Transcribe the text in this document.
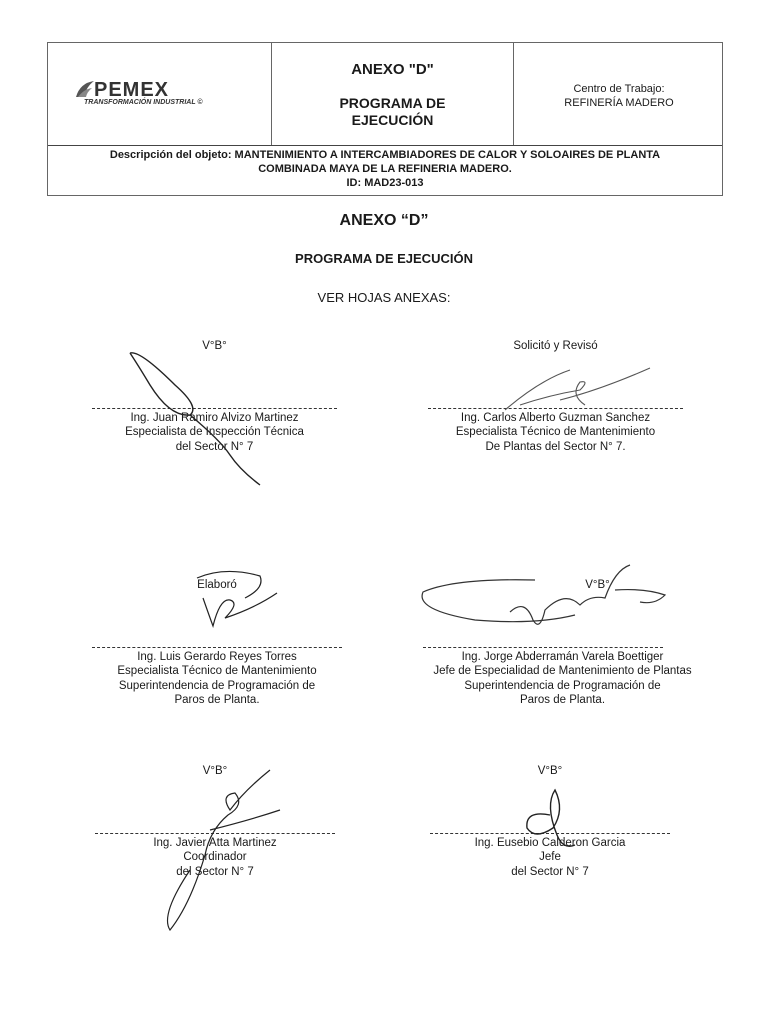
PEMEX
TRANSFORMACIÓN INDUSTRIAL ©
ANEXO "D"
PROGRAMA DE
EJECUCIÓN
Centro de Trabajo:
REFINERÍA MADERO
Descripción del objeto: MANTENIMIENTO A INTERCAMBIADORES DE CALOR Y SOLOAIRES DE PLANTA
COMBINADA MAYA DE LA REFINERIA MADERO.
ID: MAD23-013
ANEXO “D”
PROGRAMA DE EJECUCIÓN
VER HOJAS ANEXAS:
V°B°
Ing. Juan Ramiro Alvizo Martinez
Especialista de Inspección Técnica
del Sector N° 7
Solicitó y Revisó
Ing. Carlos Alberto Guzman Sanchez
Especialista Técnico de Mantenimiento
De Plantas del Sector N° 7.
Elaboró
Ing. Luis Gerardo Reyes Torres
Especialista Técnico de Mantenimiento
Superintendencia de Programación de
Paros de Planta.
V°B°
Ing. Jorge Abderramán Varela Boettiger
Jefe de Especialidad de Mantenimiento de Plantas
Superintendencia de Programación de
Paros de Planta.
V°B°
Ing. Javier Atta Martinez
Coordinador
del Sector N° 7
V°B°
Ing. Eusebio Calderon Garcia
Jefe
del Sector N° 7
